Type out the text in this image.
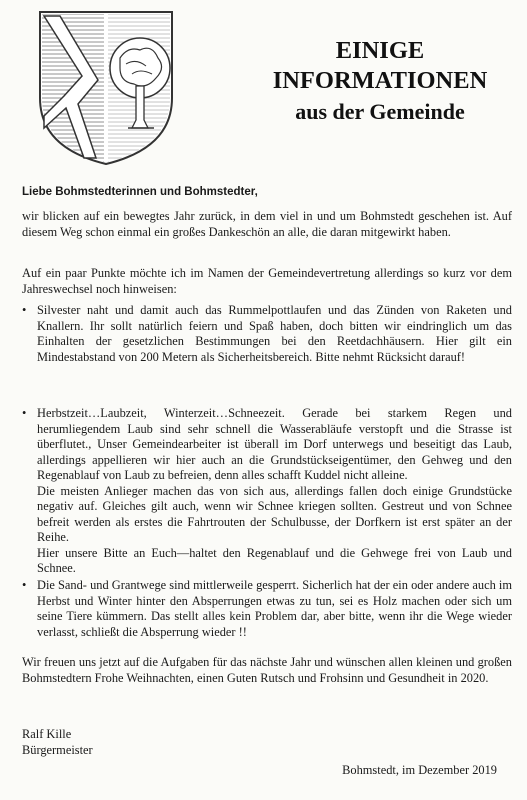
EINIGE
INFORMATIONEN
aus der Gemeinde
Liebe Bohmstedterinnen und Bohmstedter,
wir blicken auf ein bewegtes Jahr zurück, in dem viel in und um Bohmstedt geschehen ist. Auf diesem Weg schon einmal ein großes Dankeschön an alle, die daran mitgewirkt haben.
Auf ein paar Punkte möchte ich im Namen der Gemeindevertretung allerdings so kurz vor dem Jahreswechsel noch hinweisen:
• Silvester naht und damit auch das Rummelpottlaufen und das Zünden von Raketen und Knallern. Ihr sollt natürlich feiern und Spaß haben, doch bitten wir eindringlich um das Einhalten der gesetzlichen Bestimmungen bei den Reetdachhäusern. Hier gilt ein Mindestabstand von 200 Metern als Sicherheitsbereich. Bitte nehmt Rücksicht darauf!
• Herbstzeit…Laubzeit, Winterzeit…Schneezeit. Gerade bei starkem Regen und herumliegendem Laub sind sehr schnell die Wasserabläufe verstopft und die Strasse ist überflutet., Unser Gemeindearbeiter ist überall im Dorf unterwegs und beseitigt das Laub, allerdings appellieren wir hier auch an die Grundstückseigentümer, den Gehweg und den Regenablauf von Laub zu befreien, denn alles schafft Kuddel nicht alleine.

Die meisten Anlieger machen das von sich aus, allerdings fallen doch einige Grundstücke negativ auf. Gleiches gilt auch, wenn wir Schnee kriegen sollten. Gestreut und von Schnee befreit werden als erstes die Fahrtrouten der Schulbusse, der Dorfkern ist erst später an der Reihe.

Hier unsere Bitte an Euch—haltet den Regenablauf und die Gehwege frei von Laub und Schnee.

• Die Sand- und Grantwege sind mittlerweile gesperrt. Sicherlich hat der ein oder andere auch im Herbst und Winter hinter den Absperrungen etwas zu tun, sei es Holz machen oder sich um seine Tiere kümmern. Das stellt alles kein Problem dar, aber bitte, wenn ihr die Wege wieder verlasst, schließt die Absperrung wieder !!
Wir freuen uns jetzt auf die Aufgaben für das nächste Jahr und wünschen allen kleinen und großen Bohmstedtern Frohe Weihnachten, einen Guten Rutsch und Frohsinn und Gesundheit in 2020.
Ralf Kille
Bürgermeister
Bohmstedt, im Dezember 2019
